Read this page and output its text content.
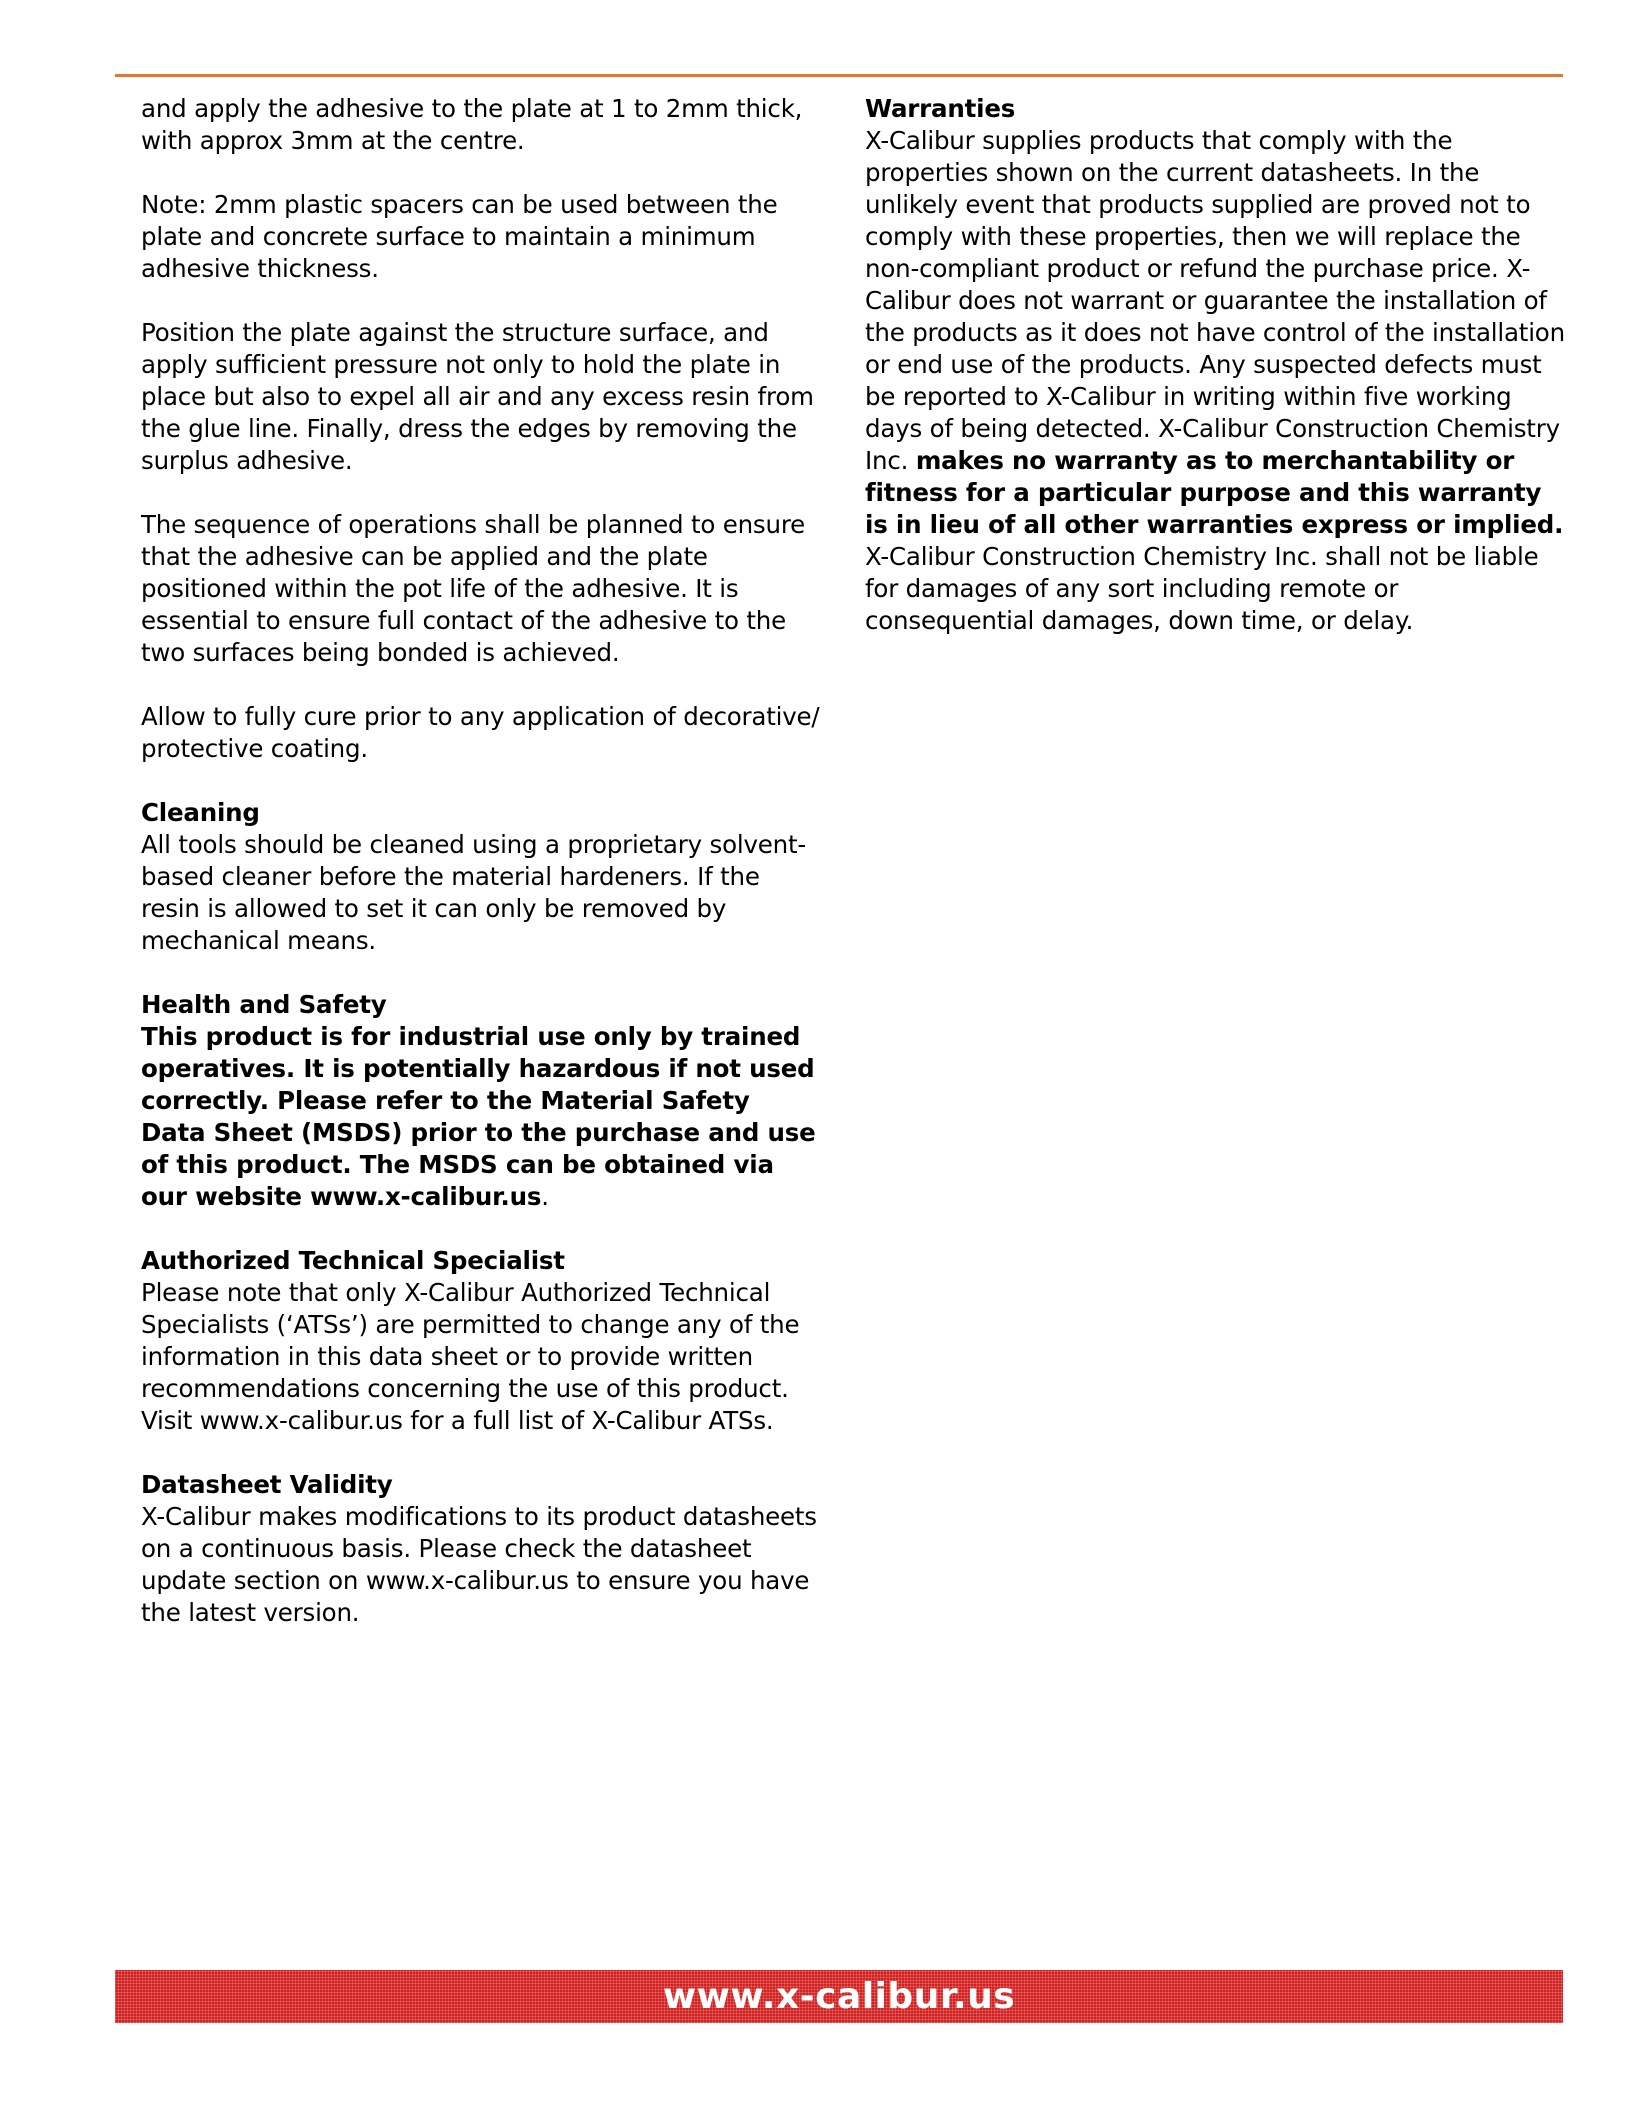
and apply the adhesive to the plate at 1 to 2mm thick, with approx 3mm at the centre.

Note: 2mm plastic spacers can be used between the plate and concrete surface to maintain a minimum adhesive thickness.

Position the plate against the structure surface, and apply sufficient pressure not only to hold the plate in place but also to expel all air and any excess resin from the glue line. Finally, dress the edges by removing the surplus adhesive.

The sequence of operations shall be planned to ensure that the adhesive can be applied and the plate positioned within the pot life of the adhesive. It is essential to ensure full contact of the adhesive to the two surfaces being bonded is achieved.

Allow to fully cure prior to any application of decorative/ protective coating.

Cleaning
All tools should be cleaned using a proprietary solvent-based cleaner before the material hardeners. If the resin is allowed to set it can only be removed by mechanical means.
Health and Safety
This product is for industrial use only by trained operatives. It is potentially hazardous if not used correctly. Please refer to the Material Safety Data Sheet (MSDS) prior to the purchase and use of this product. The MSDS can be obtained via our website www.x-calibur.us.
Authorized Technical Specialist
Please note that only X-Calibur Authorized Technical Specialists (‘ATSs’) are permitted to change any of the information in this data sheet or to provide written recommendations concerning the use of this product. Visit www.x-calibur.us for a full list of X-Calibur ATSs.
Datasheet Validity
X-Calibur makes modifications to its product datasheets on a continuous basis. Please check the datasheet update section on www.x-calibur.us to ensure you have the latest version.
Warranties
X-Calibur supplies products that comply with the properties shown on the current datasheets. In the unlikely event that products supplied are proved not to comply with these properties, then we will replace the non-compliant product or refund the purchase price. X-Calibur does not warrant or guarantee the installation of the products as it does not have control of the installation or end use of the products. Any suspected defects must be reported to X-Calibur in writing within five working days of being detected. X-Calibur Construction Chemistry Inc. makes no warranty as to merchantability or fitness for a particular purpose and this warranty is in lieu of all other warranties express or implied. X-Calibur Construction Chemistry Inc. shall not be liable for damages of any sort including remote or consequential damages, down time, or delay.
www.x-calibur.us
